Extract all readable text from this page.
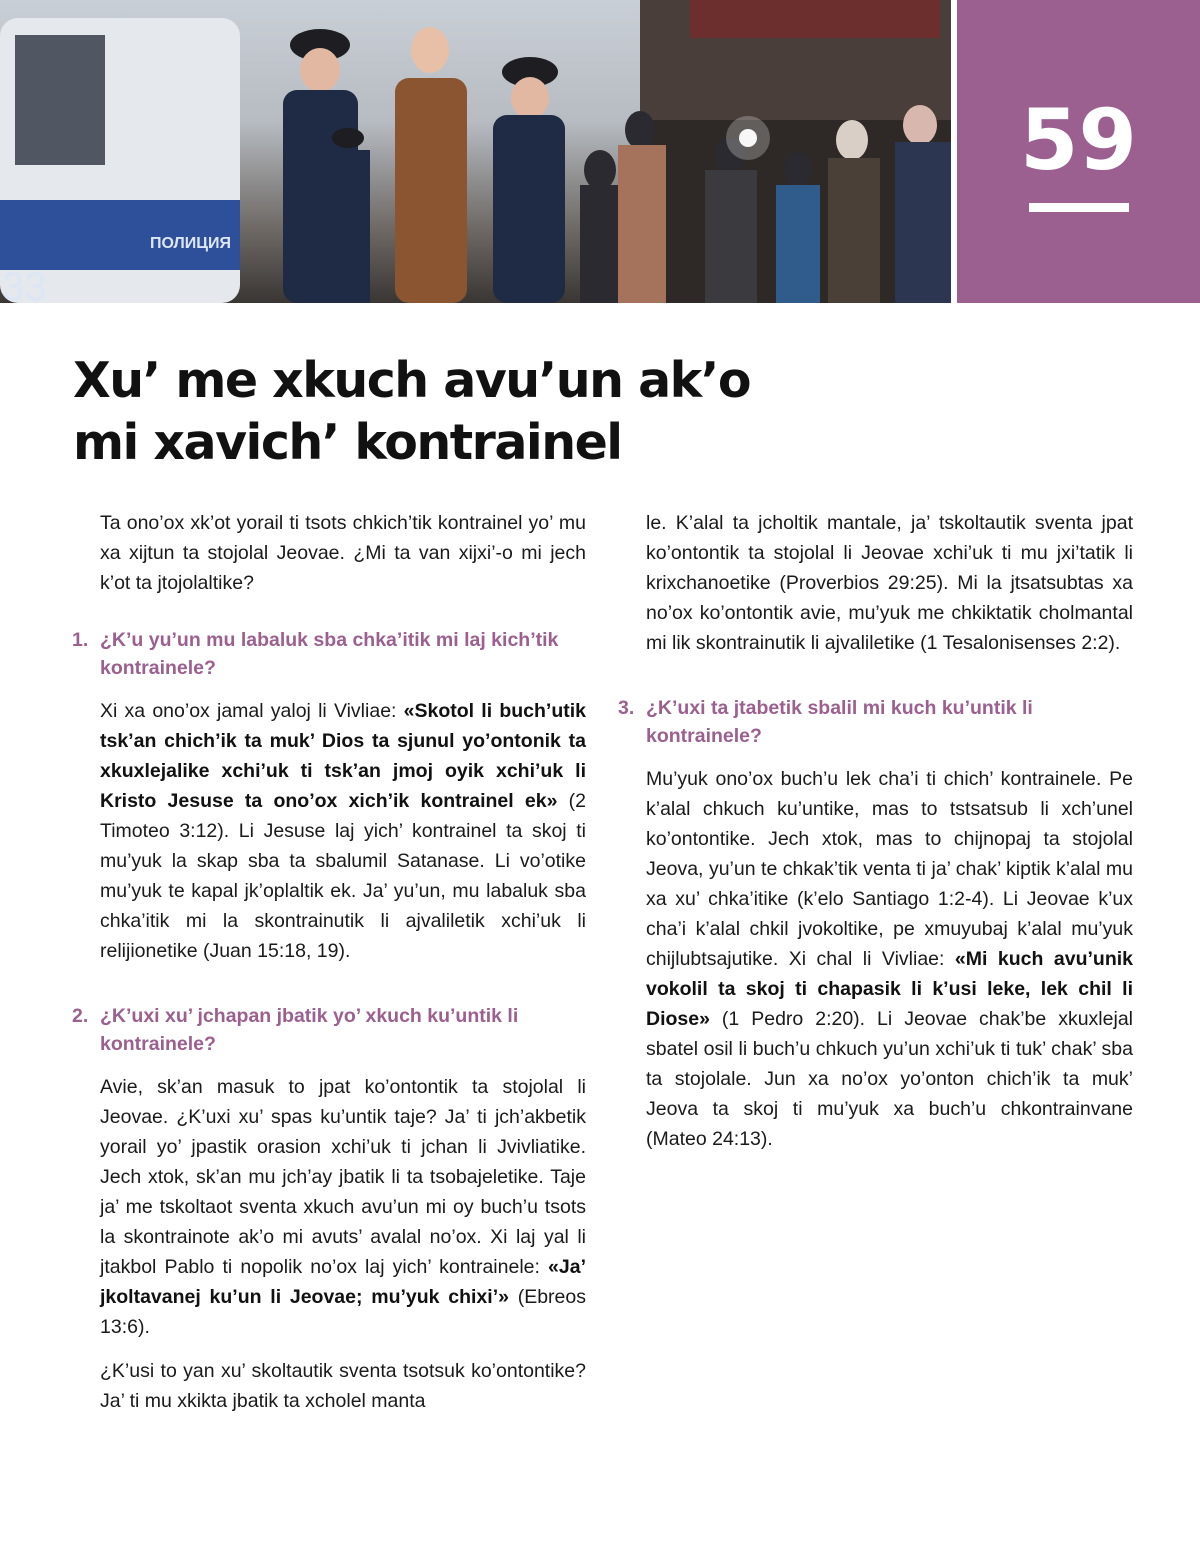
ПОЛИЦИЯ
33
59
Xu’ me xkuch avu’un ak’o
mi xavich’ kontrainel

Ta ono’ox xk’ot yorail ti tsots chkich’tik kontrainel yo’ mu xa xijtun ta stojolal Jeovae. ¿Mi ta van xijxi’-o mi jech k’ot ta jtojolaltike?

1. ¿K’u yu’un mu labaluk sba chka’itik mi laj kich’tik kontrainele?

Xi xa ono’ox jamal yaloj li Vivliae: «Skotol li buch’utik tsk’an chich’ik ta muk’ Dios ta sjunul yo’ontonik ta xkuxlejalike xchi’uk ti tsk’an jmoj oyik xchi’uk li Kristo Jesuse ta ono’ox xich’ik kontrainel ek» (2 Timoteo 3:12). Li Jesuse laj yich’ kontrainel ta skoj ti mu’yuk la skap sba ta sbalumil Satanase. Li vo’otike mu’yuk te kapal jk’oplaltik ek. Ja’ yu’un, mu labaluk sba chka’itik mi la skontrainutik li ajvaliletik xchi’uk li relijionetike (Juan 15:18, 19).

2. ¿K’uxi xu’ jchapan jbatik yo’ xkuch ku’untik li kontrainele?

Avie, sk’an masuk to jpat ko’ontontik ta stojolal li Jeovae. ¿K’uxi xu’ spas ku’untik taje? Ja’ ti jch’akbetik yorail yo’ jpastik orasion xchi’uk ti jchan li Jvivliatike. Jech xtok, sk’an mu jch’ay jbatik li ta tsobajeletike. Taje ja’ me tskoltaot sventa xkuch avu’un mi oy buch’u tsots la skontrainote ak’o mi avuts’ avalal no’ox. Xi laj yal li jtakbol Pablo ti nopolik no’ox laj yich’ kontrainele: «Ja’ jkoltavanej ku’un li Jeovae; mu’yuk chixi’» (Ebreos 13:6).

¿K’usi to yan xu’ skoltautik sventa tsotsuk ko’ontontike? Ja’ ti mu xkikta jbatik ta xcholel manta

le. K’alal ta jcholtik mantale, ja’ tskoltautik sventa jpat ko’ontontik ta stojolal li Jeovae xchi’uk ti mu jxi’tatik li krixchanoetike (Proverbios 29:25). Mi la jtsatsubtas xa no’ox ko’ontontik avie, mu’yuk me chkiktatik cholmantal mi lik skontrainutik li ajvaliletike (1 Tesalonisenses 2:2).

3. ¿K’uxi ta jtabetik sbalil mi kuch ku’untik li kontrainele?

Mu’yuk ono’ox buch’u lek cha’i ti chich’ kontrainele. Pe k’alal chkuch ku’untike, mas to tstsatsub li xch’unel ko’ontontike. Jech xtok, mas to chijnopaj ta stojolal Jeova, yu’un te chkak’tik venta ti ja’ chak’ kiptik k’alal mu xa xu’ chka’itike (k’elo Santiago 1:2-4). Li Jeovae k’ux cha’i k’alal chkil jvokoltike, pe xmuyubaj k’alal mu’yuk chijlubtsajutike. Xi chal li Vivliae: «Mi kuch avu’unik vokolil ta skoj ti chapasik li k’usi leke, lek chil li Diose» (1 Pedro 2:20). Li Jeovae chak’be xkuxlejal sbatel osil li buch’u chkuch yu’un xchi’uk ti tuk’ chak’ sba ta stojolale. Jun xa no’ox yo’onton chich’ik ta muk’ Jeova ta skoj ti mu’yuk xa buch’u chkontrainvane (Mateo 24:13).
